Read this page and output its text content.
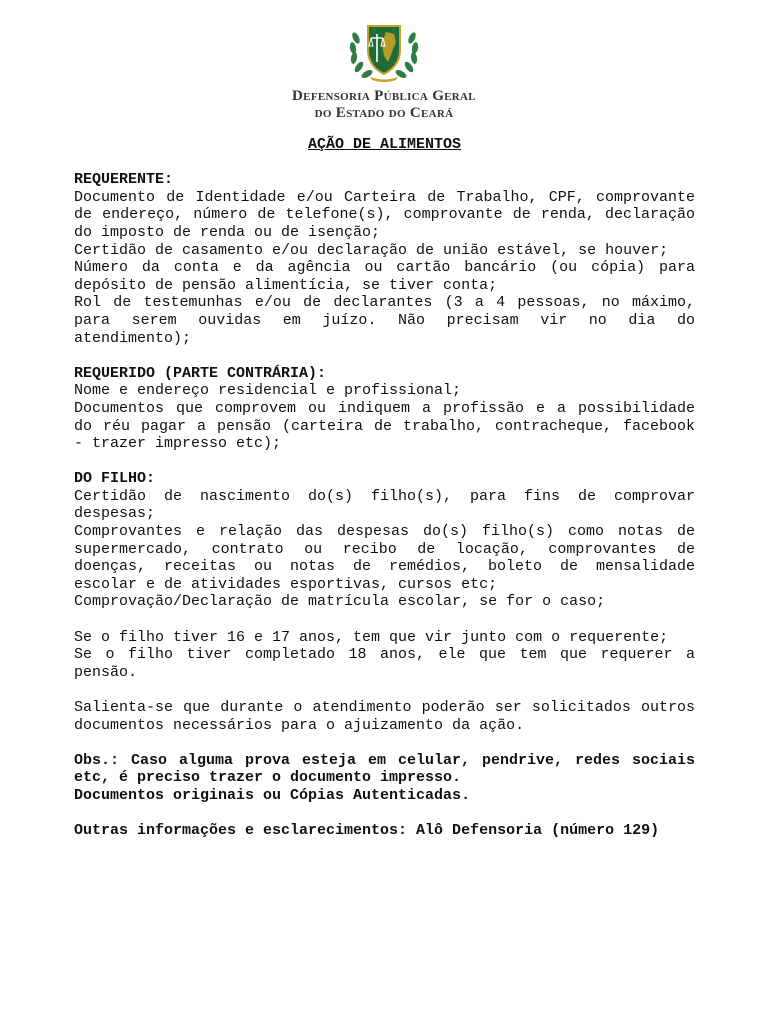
Defensoria Pública Geral
do Estado do Ceará

AÇÃO DE ALIMENTOS

REQUERENTE:

Documento de Identidade e/ou Carteira de Trabalho, CPF, comprovante de endereço, número de telefone(s), comprovante de renda, declaração do imposto de renda ou de isenção;

Certidão de casamento e/ou declaração de união estável, se houver;

Número da conta e da agência ou cartão bancário (ou cópia) para depósito de pensão alimentícia, se tiver conta;

Rol de testemunhas e/ou de declarantes (3 a 4 pessoas, no máximo, para serem ouvidas em juízo. Não precisam vir no dia do atendimento);

REQUERIDO (PARTE CONTRÁRIA):

Nome e endereço residencial e profissional;

Documentos que comprovem ou indiquem a profissão e a possibilidade do réu pagar a pensão (carteira de trabalho, contracheque, facebook - trazer impresso etc);

DO FILHO:

Certidão de nascimento do(s) filho(s), para fins de comprovar despesas;

Comprovantes e relação das despesas do(s) filho(s) como notas de supermercado, contrato ou recibo de locação, comprovantes de doenças, receitas ou notas de remédios, boleto de mensalidade escolar e de atividades esportivas, cursos etc;

Comprovação/Declaração de matrícula escolar, se for o caso;

Se o filho tiver 16 e 17 anos, tem que vir junto com o requerente;

Se o filho tiver completado 18 anos, ele que tem que requerer a pensão.

Salienta-se que durante o atendimento poderão ser solicitados outros documentos necessários para o ajuizamento da ação.

Obs.: Caso alguma prova esteja em celular, pendrive, redes sociais etc, é preciso trazer o documento impresso.

Documentos originais ou Cópias Autenticadas.

Outras informações e esclarecimentos: Alô Defensoria (número 129)
